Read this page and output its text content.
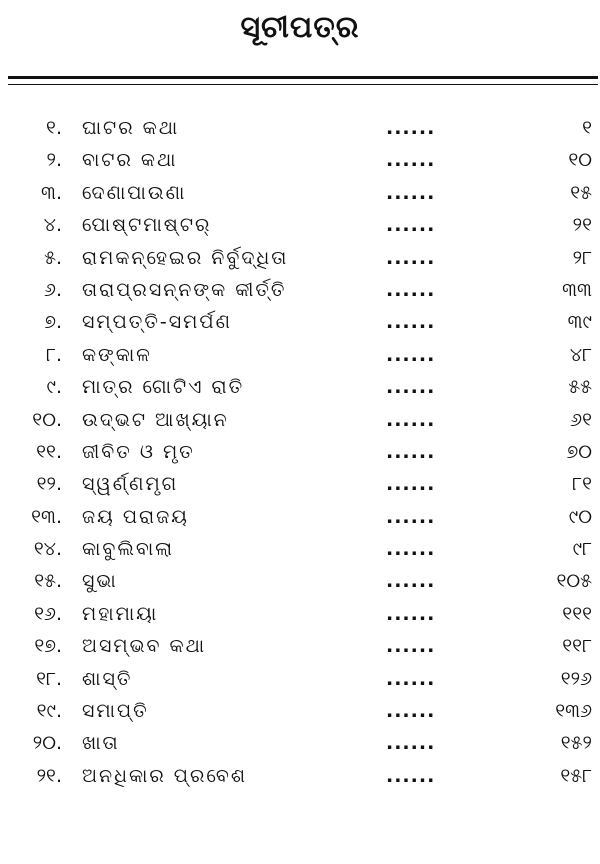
ସୂଚୀପତ୍ର
୧. ଘାଟର କଥା	......	୧
୨. ବାଟର କଥା	......	୧୦
୩. ଦେଣାପାଉଣା	......	୧୫
୪. ପୋଷ୍ଟମାଷ୍ଟର୍	......	୨୧
୫. ରାମକନ୍ହେଇର ନିର୍ବୁଦ୍ଧିତା	......	୨୮
୬. ତାରାପ୍ରସନ୍ନଙ୍କ କୀର୍ତ୍ତି	......	୩୩
୭. ସମ୍ପତ୍ତି-ସମର୍ପଣ	......	୩୯
୮. କଙ୍କାଳ	......	୪୮
୯. ମାତ୍ର ଗୋଟିଏ ରାତି	......	୫୫
୧୦. ଉଦ୍‌ଭଟ ଆଖ୍ୟାନ	......	୬୧
୧୧. ଜୀବିତ ଓ ମୃତ	......	୭୦
୧୨. ସ୍ୱର୍ଣ୍ଣମୃଗ	......	୮୧
୧୩. ଜୟ ପରାଜୟ	......	୯୦
୧୪. କାବୁଲିବାଲା	......	୯୮
୧୫. ସୁଭା	......	୧୦୫
୧୬. ମହାମାୟା	......	୧୧୧
୧୭. ଅସମ୍ଭବ କଥା	......	୧୧୮
୧୮. ଶାସ୍ତି	......	୧୨୬
୧୯. ସମାପ୍ତି	......	୧୩୬
୨୦. ଖାତା	......	୧୫୨
୨୧. ଅନଧିକାର ପ୍ରବେଶ	......	୧୫୮
